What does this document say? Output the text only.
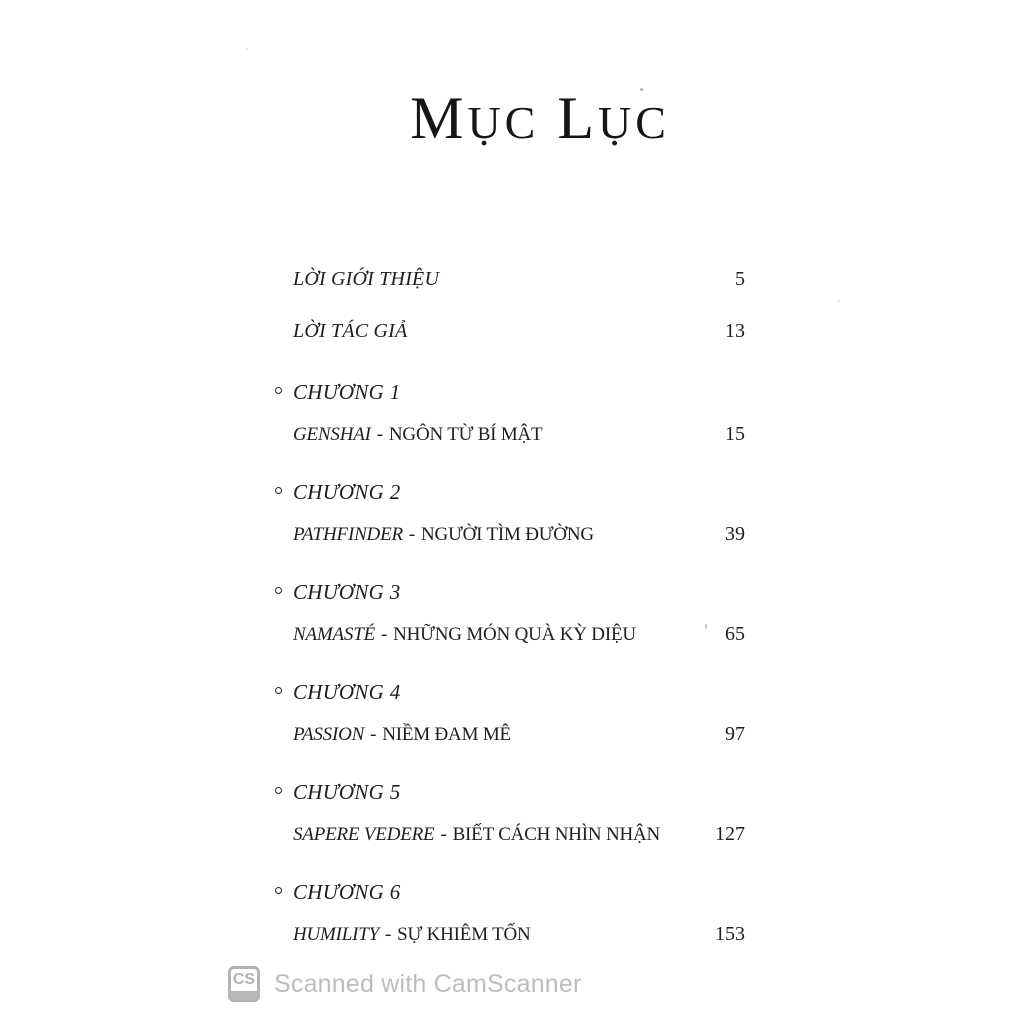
MỤC LỤC
LỜI GIỚI THIỆU	5
LỜI TÁC GIẢ	13
CHƯƠNG 1
GENSHAI - NGÔN TỪ BÍ MẬT	15
CHƯƠNG 2
PATHFINDER - NGƯỜI TÌM ĐƯỜNG	39
CHƯƠNG 3
NAMASTÉ - NHỮNG MÓN QUÀ KỲ DIỆU	65
CHƯƠNG 4
PASSION - NIỀM ĐAM MÊ	97
CHƯƠNG 5
SAPERE VEDERE - BIẾT CÁCH NHÌN NHẬN	127
CHƯƠNG 6
HUMILITY - SỰ KHIÊM TỐN	153
CS Scanned with CamScanner
